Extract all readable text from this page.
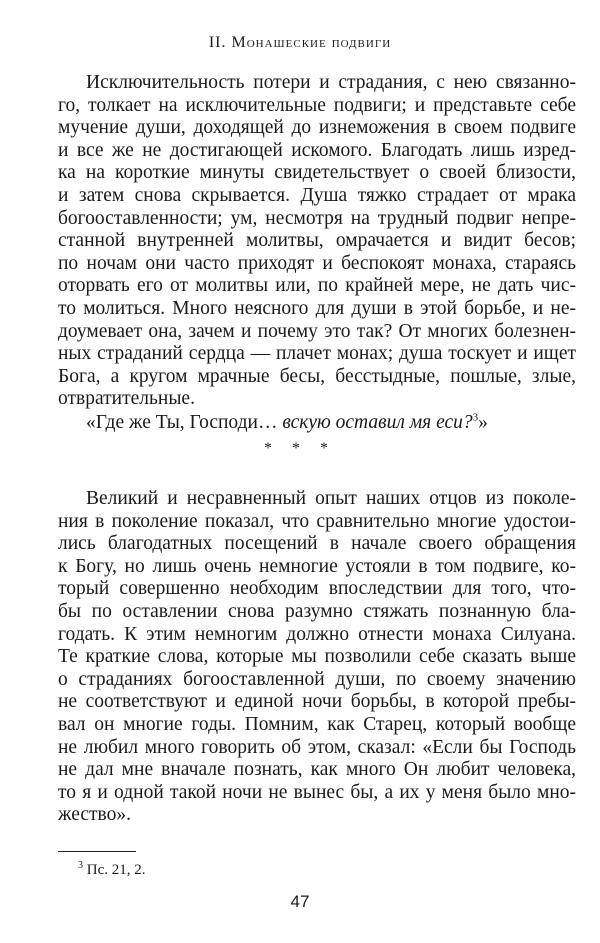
II. Монашеские подвиги
Исключительность потери и страдания, с нею связанно-
го, толкает на исключительные подвиги; и представьте себе
мучение души, доходящей до изнеможения в своем подвиге
и все же не достигающей искомого. Благодать лишь изред-
ка на короткие минуты свидетельствует о своей близости,
и затем снова скрывается. Душа тяжко страдает от мрака
богооставленности; ум, несмотря на трудный подвиг непре-
станной внутренней молитвы, омрачается и видит бесов;
по ночам они часто приходят и беспокоят монаха, стараясь
оторвать его от молитвы или, по крайней мере, не дать чис-
то молиться. Много неясного для души в этой борьбе, и не-
доумевает она, зачем и почему это так? От многих болезнен-
ных страданий сердца — плачет монах; душа тоскует и ищет
Бога, а кругом мрачные бесы, бесстыдные, пошлые, злые,
отвратительные.
«Где же Ты, Господи… вскую оставил мя еси?$^3$»
* * *
Великий и несравненный опыт наших отцов из поколе-
ния в поколение показал, что сравнительно многие удостои-
лись благодатных посещений в начале своего обращения
к Богу, но лишь очень немногие устояли в том подвиге, ко-
торый совершенно необходим впоследствии для того, что-
бы по оставлении снова разумно стяжать познанную бла-
годать. К этим немногим должно отнести монаха Силуана.
Те краткие слова, которые мы позволили себе сказать выше
о страданиях богооставленной души, по своему значению
не соответствуют и единой ночи борьбы, в которой пребы-
вал он многие годы. Помним, как Старец, который вообще
не любил много говорить об этом, сказал: «Если бы Господь
не дал мне вначале познать, как много Он любит человека,
то я и одной такой ночи не вынес бы, а их у меня было мно-
жество».
$^3$ Пс. 21, 2.
47
